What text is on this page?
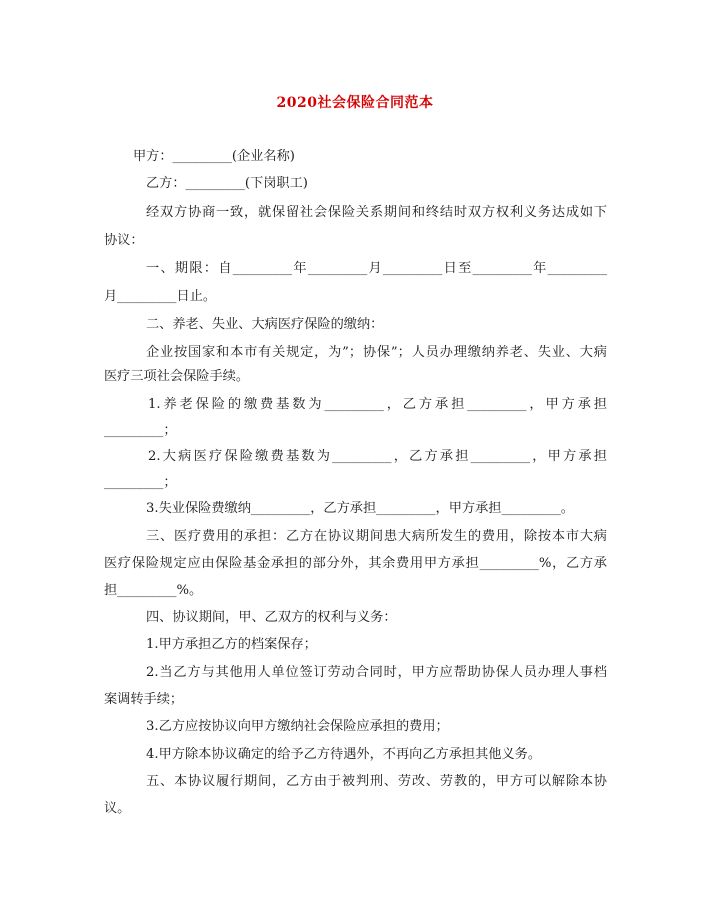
2020社会保险合同范本
甲方：_________(企业名称)
乙方：_________(下岗职工)
经双方协商一致，就保留社会保险关系期间和终结时双方权利义务达成如下
协议：
一、期限：自_________年_________月_________日至_________年_________
月_________日止。
二、养老、失业、大病医疗保险的缴纳：
企业按国家和本市有关规定，为”；协保”；人员办理缴纳养老、失业、大病
医疗三项社会保险手续。
1.养老保险的缴费基数为_________，乙方承担_________，甲方承担
_________；
2.大病医疗保险缴费基数为_________，乙方承担_________，甲方承担
_________；
3.失业保险费缴纳_________，乙方承担_________，甲方承担_________。
三、医疗费用的承担：乙方在协议期间患大病所发生的费用，除按本市大病
医疗保险规定应由保险基金承担的部分外，其余费用甲方承担_________%，乙方承
担_________%。
四、协议期间，甲、乙双方的权利与义务：
1.甲方承担乙方的档案保存；
2.当乙方与其他用人单位签订劳动合同时，甲方应帮助协保人员办理人事档
案调转手续；
3.乙方应按协议向甲方缴纳社会保险应承担的费用；
4.甲方除本协议确定的给予乙方待遇外，不再向乙方承担其他义务。
五、本协议履行期间，乙方由于被判刑、劳改、劳教的，甲方可以解除本协
议。
